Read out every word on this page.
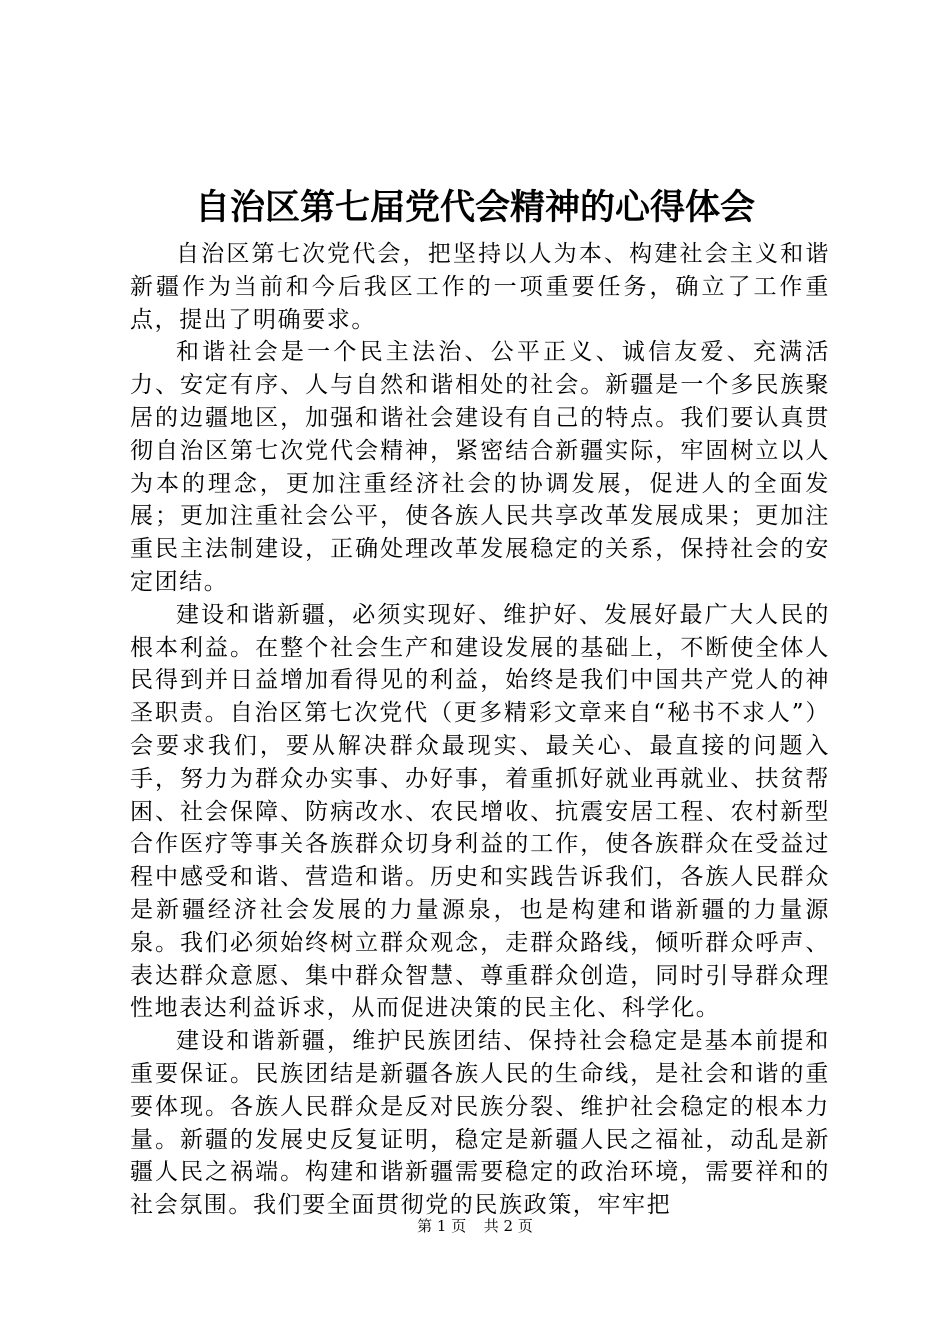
自治区第七届党代会精神的心得体会

自治区第七次党代会，把坚持以人为本、构建社会主义和谐新疆作为当前和今后我区工作的一项重要任务，确立了工作重点，提出了明确要求。

和谐社会是一个民主法治、公平正义、诚信友爱、充满活力、安定有序、人与自然和谐相处的社会。新疆是一个多民族聚居的边疆地区，加强和谐社会建设有自己的特点。我们要认真贯彻自治区第七次党代会精神，紧密结合新疆实际，牢固树立以人为本的理念，更加注重经济社会的协调发展，促进人的全面发展；更加注重社会公平，使各族人民共享改革发展成果；更加注重民主法制建设，正确处理改革发展稳定的关系，保持社会的安定团结。

建设和谐新疆，必须实现好、维护好、发展好最广大人民的根本利益。在整个社会生产和建设发展的基础上，不断使全体人民得到并日益增加看得见的利益，始终是我们中国共产党人的神圣职责。自治区第七次党代（更多精彩文章来自“秘书不求人”）会要求我们，要从解决群众最现实、最关心、最直接的问题入手，努力为群众办实事、办好事，着重抓好就业再就业、扶贫帮困、社会保障、防病改水、农民增收、抗震安居工程、农村新型合作医疗等事关各族群众切身利益的工作，使各族群众在受益过程中感受和谐、营造和谐。历史和实践告诉我们，各族人民群众是新疆经济社会发展的力量源泉，也是构建和谐新疆的力量源泉。我们必须始终树立群众观念，走群众路线，倾听群众呼声、表达群众意愿、集中群众智慧、尊重群众创造，同时引导群众理性地表达利益诉求，从而促进决策的民主化、科学化。

建设和谐新疆，维护民族团结、保持社会稳定是基本前提和重要保证。民族团结是新疆各族人民的生命线，是社会和谐的重要体现。各族人民群众是反对民族分裂、维护社会稳定的根本力量。新疆的发展史反复证明，稳定是新疆人民之福祉，动乱是新疆人民之祸端。构建和谐新疆需要稳定的政治环境，需要祥和的社会氛围。我们要全面贯彻党的民族政策，牢牢把

第 1 页 共 2 页
